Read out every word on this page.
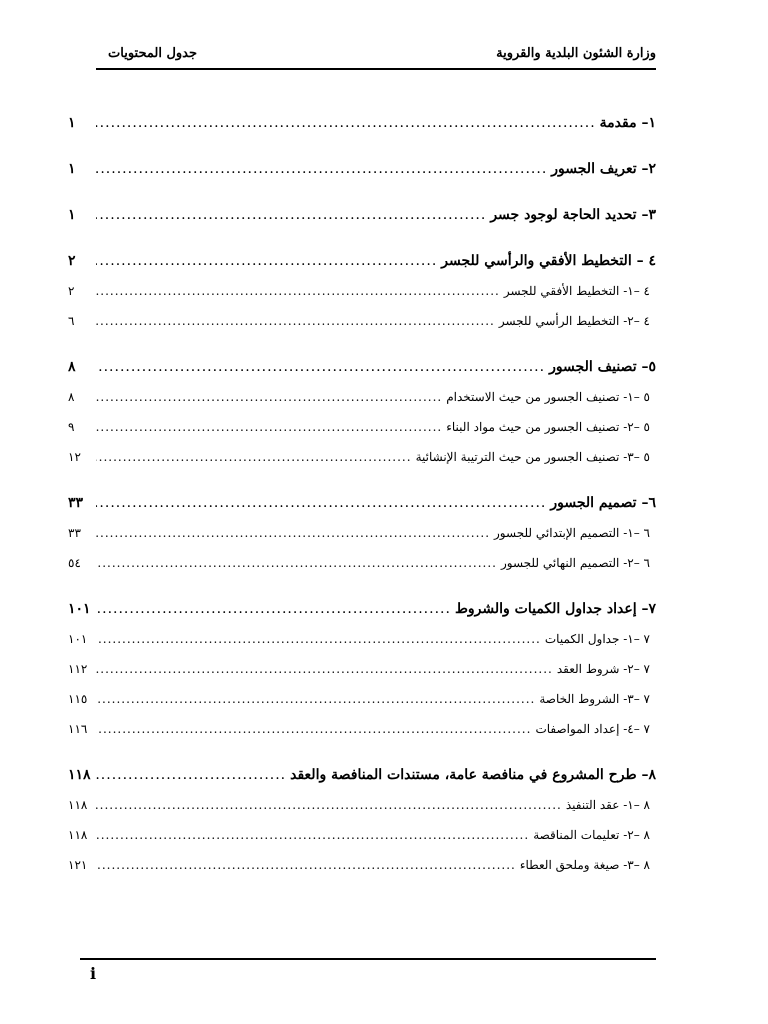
وزارة الشئون البلدية والقروية
جدول المحتويات
١– مقدمة
.....
١
٢– تعريف الجسور
.....
١
٣– تحديد الحاجة لوجود جسر
.....
١
٤ – التخطيط الأفقي والرأسي للجسر
.....
٢
٤ –١- التخطيط الأفقي للجسر
.....
٢
٤ –٢- التخطيط الرأسي للجسر
.....
٦
٥– تصنيف الجسور
.....
٨
٥ –١- تصنيف الجسور من حيث الاستخدام
.....
٨
٥ –٢- تصنيف الجسور من حيث مواد البناء
.....
٩
٥ –٣- تصنيف الجسور من حيث الترتيبة الإنشائية
.....
١٢
٦– تصميم الجسور
.....
٣٣
٦ –١- التصميم الإبتدائي للجسور
.....
٣٣
٦ –٢- التصميم النهائي للجسور
.....
٥٤
٧– إعداد جداول الكميات والشروط
.....
١٠١
٧ –١- جداول الكميات
.....
١٠١
٧ –٢- شروط العقد
.....
١١٢
٧ –٣- الشروط الخاصة
.....
١١٥
٧ –٤- إعداد المواصفات
.....
١١٦
٨– طرح المشروع في منافصة عامة، مستندات المنافصة والعقد
.....
١١٨
٨ –١- عقد التنفيذ
.....
١١٨
٨ –٢- تعليمات المناقصة
.....
١١٨
٨ –٣- صيغة وملحق العطاء
.....
١٢١
i
